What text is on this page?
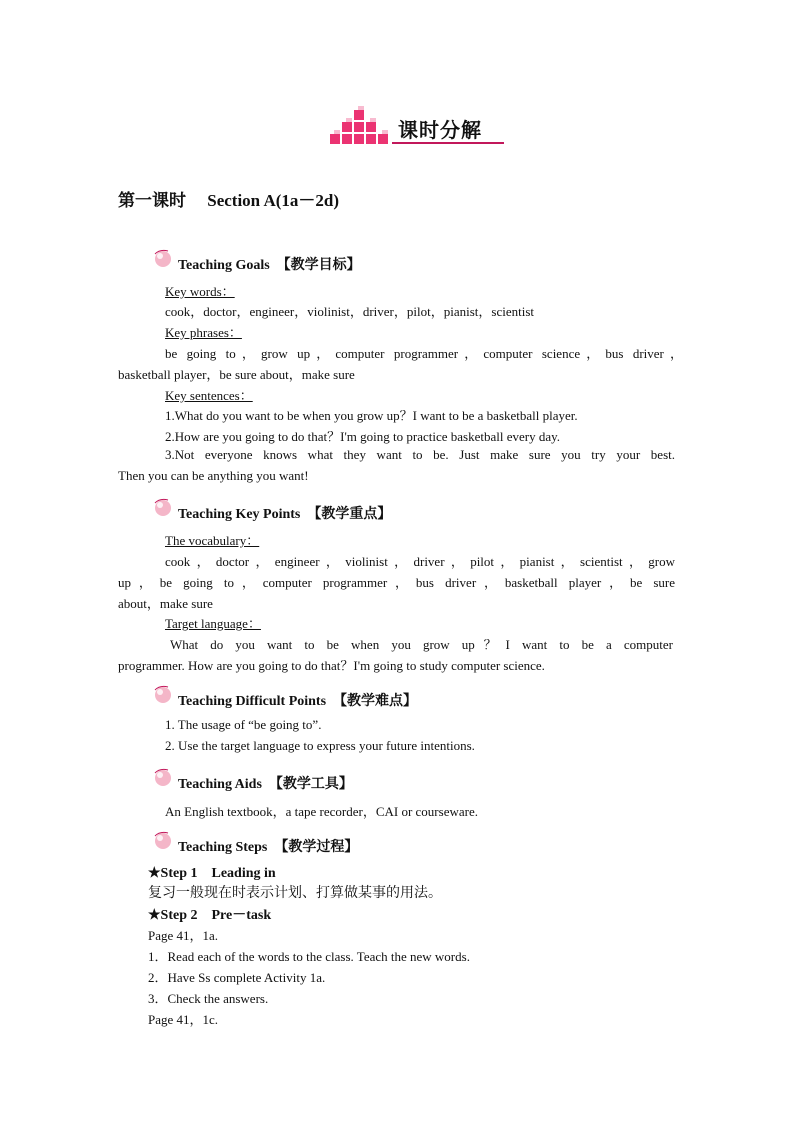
课时分解
第一课时　 Section A(1a－2d)
Teaching Goals　【教学目标】
Key words：
cook，doctor，engineer，violinist，driver，pilot，pianist，scientist
Key phrases：
be going to，grow up，computer programmer，computer science，bus driver，
basketball player，be sure about，make sure
Key sentences：
1.What do you want to be when you grow up？I want to be a basketball player.
2.How are you going to do that？I'm going to practice basketball every day.
3.Not everyone knows what they want to be. Just make sure you try your best.
Then you can be anything you want!
Teaching Key Points　【教学重点】
The vocabulary：
cook，doctor，engineer，violinist，driver，pilot，pianist，scientist，grow
up，be going to，computer programmer，bus driver，basketball player，be sure
about，make sure
Target language：
What do you want to be when you grow up？I want to be a computer
programmer. How are you going to do that？I'm going to study computer science.
Teaching Difficult Points　【教学难点】
1. The usage of “be going to”.
2. Use the target language to express your future intentions.
Teaching Aids　【教学工具】
An English textbook，a tape recorder，CAI or courseware.
Teaching Steps　【教学过程】
★Step 1　Leading in
复习一般现在时表示计划、打算做某事的用法。
★Step 2　Pre－task
Page 41，1a.
1．Read each of the words to the class. Teach the new words.
2．Have Ss complete Activity 1a.
3．Check the answers.
Page 41，1c.
